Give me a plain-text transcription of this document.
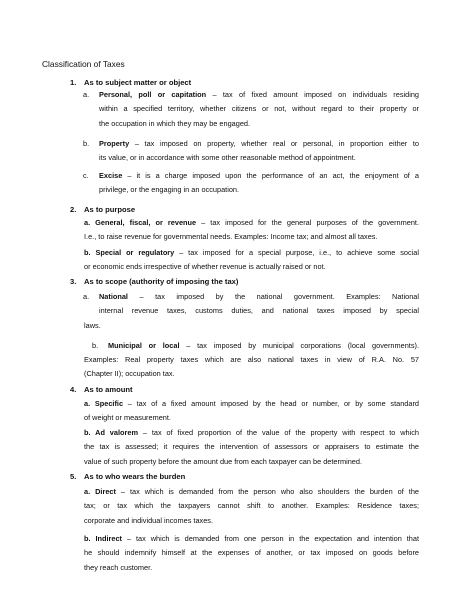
Classification of Taxes
1. As to subject matter or object
a. Personal, poll or capitation – tax of fixed amount imposed on individuals residing
within a specified territory, whether citizens or not, without regard to their property or
the occupation in which they may be engaged.
b. Property – tax imposed on property, whether real or personal, in proportion either to
its value, or in accordance with some other reasonable method of appointment.
c. Excise – it is a charge imposed upon the performance of an act, the enjoyment of a
privilege, or the engaging in an occupation.
2. As to purpose
a. General, fiscal, or revenue – tax imposed for the general purposes of the government.
I.e., to raise revenue for governmental needs. Examples: Income tax; and almost all taxes.
b. Special or regulatory – tax imposed for a special purpose, i.e., to achieve some social
or economic ends irrespective of whether revenue is actually raised or not.
3. As to scope (authority of imposing the tax)
a. National – tax imposed by the national government. Examples: National
internal revenue taxes, customs duties, and national taxes imposed by special
laws.
b. Municipal or local – tax imposed by municipal corporations (local governments).
Examples: Real property taxes which are also national taxes in view of R.A. No. 57
(Chapter II); occupation tax.
4. As to amount
a. Specific – tax of a fixed amount imposed by the head or number, or by some standard
of weight or measurement.
b. Ad valorem – tax of fixed proportion of the value of the property with respect to which
the tax is assessed; it requires the intervention of assessors or appraisers to estimate the
value of such property before the amount due from each taxpayer can be determined.
5. As to who wears the burden
a. Direct – tax which is demanded from the person who also shoulders the burden of the
tax; or tax which the taxpayers cannot shift to another. Examples: Residence taxes;
corporate and individual incomes taxes.
b. Indirect – tax which is demanded from one person in the expectation and intention that
he should indemnify himself at the expenses of another, or tax imposed on goods before
they reach customer.
